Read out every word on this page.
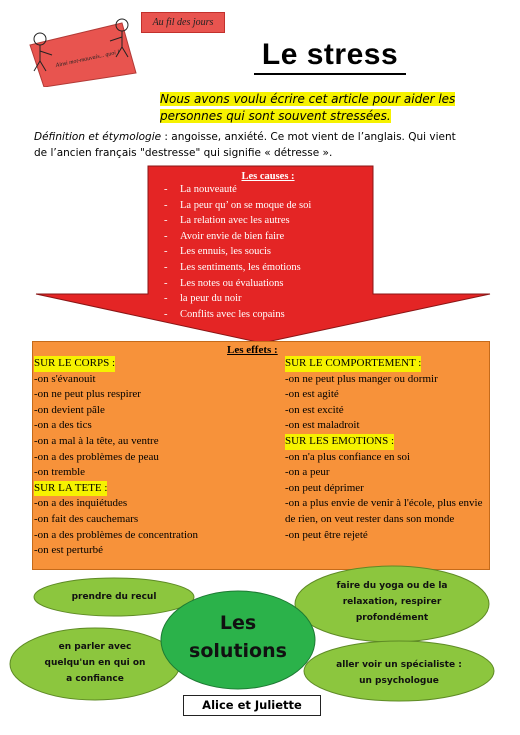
Ainsi mot-mauvais... quoi !
Au fil des jours
Le stress
Nous avons voulu écrire cet article pour aider les
personnes qui sont souvent stressées.
Définition et étymologie : angoisse, anxiété. Ce mot vient de l’anglais. Qui vient
de l’ancien français "destresse" qui signifie « détresse ».
Les causes :
- La nouveauté
- La peur qu’ on se moque de soi
- La relation avec les autres
- Avoir envie de bien faire
- Les ennuis, les soucis
- Les sentiments, les émotions
- Les notes ou évaluations
- la peur du noir
- Conflits avec les copains
Les effets :
SUR LE CORPS :
-on s'évanouit
-on ne peut plus respirer
-on devient pâle
-on a des tics
-on a mal à la tête, au ventre
-on a des problèmes de peau
-on tremble
SUR LA TETE :
-on a des inquiétudes
-on fait des cauchemars
-on a des problèmes de concentration
-on est perturbé
SUR LE COMPORTEMENT :
-on ne peut plus manger ou dormir
-on est agité
-on est excité
-on est maladroit
SUR LES EMOTIONS :
-on n'a plus confiance en soi
-on a peur
-on peut déprimer
-on a plus envie de venir à l'école, plus envie de rien, on veut rester dans son monde
-on peut être rejeté
prendre du recul
faire du yoga ou de la
relaxation, respirer
profondément
en parler avec
quelqu'un en qui on
a confiance
aller voir un spécialiste :
un psychologue
Les
solutions
Alice et Juliette
